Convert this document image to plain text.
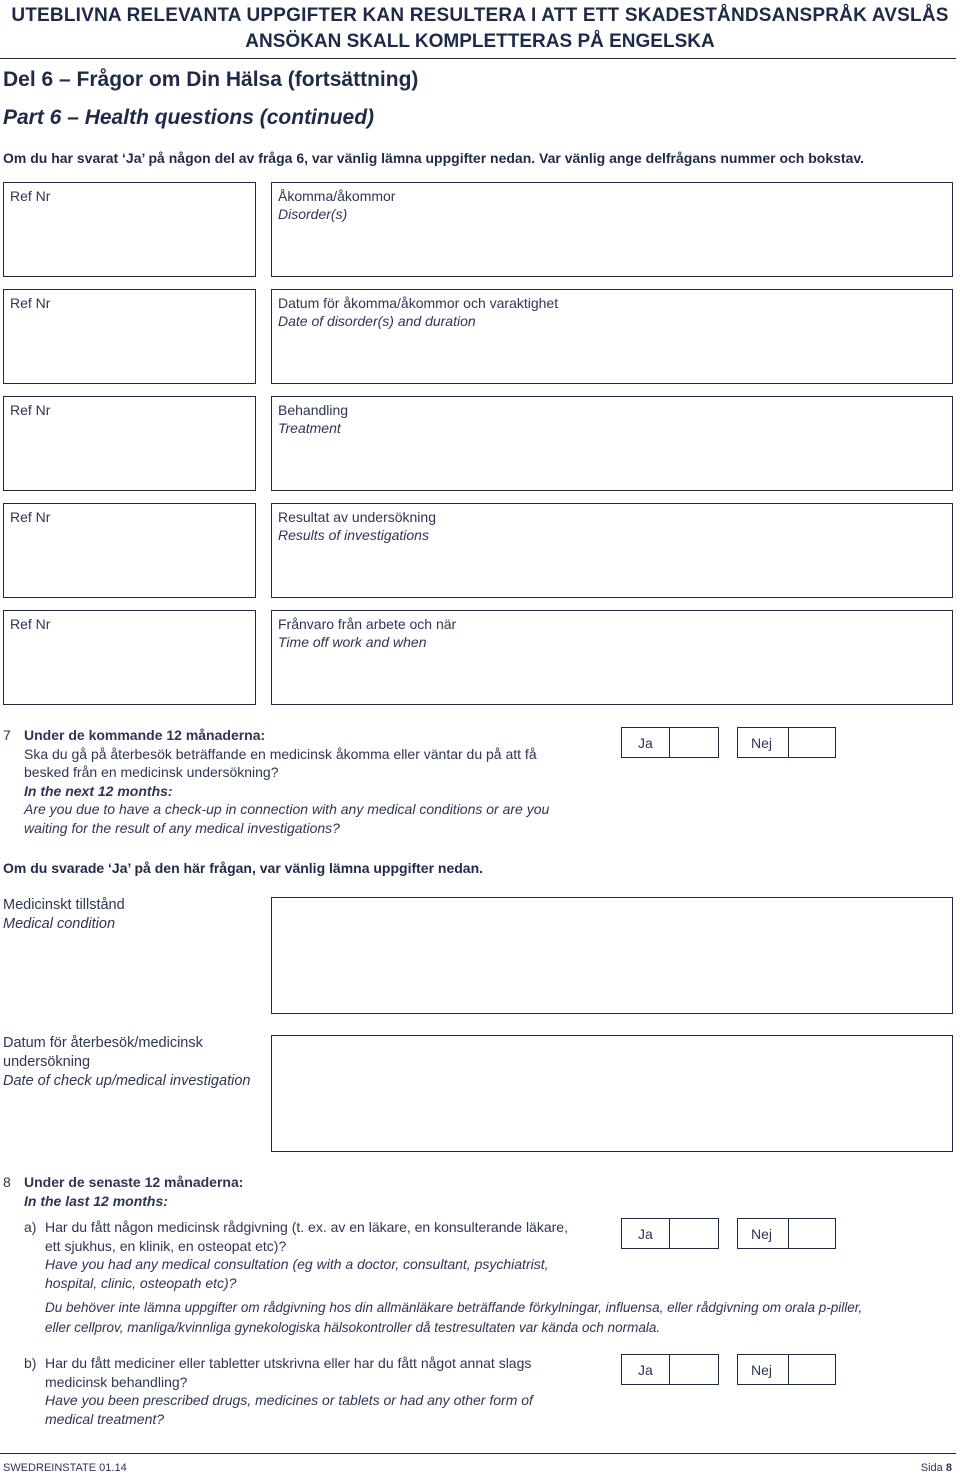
UTEBLIVNA RELEVANTA UPPGIFTER KAN RESULTERA I ATT ETT SKADESTÅNDSANSPRÅK AVSLÅS
ANSÖKAN SKALL KOMPLETTERAS PÅ ENGELSKA
Del 6 – Frågor om Din Hälsa (fortsättning)
Part 6 – Health questions (continued)
Om du har svarat ‘Ja’ på någon del av fråga 6, var vänlig lämna uppgifter nedan. Var vänlig ange delfrågans nummer och bokstav.
Ref Nr	Åkomma/åkommor
Disorder(s)
Ref Nr	Datum för åkomma/åkommor och varaktighet
Date of disorder(s) and duration
Ref Nr	Behandling
Treatment
Ref Nr	Resultat av undersökning
Results of investigations
Ref Nr	Frånvaro från arbete och när
Time off work and when
7 Under de kommande 12 månaderna:
Ska du gå på återbesök beträffande en medicinsk åkomma eller väntar du på att få
besked från en medicinsk undersökning?
In the next 12 months:
Are you due to have a check-up in connection with any medical conditions or are you
waiting for the result of any medical investigations?
Ja	Nej
Om du svarade ‘Ja’ på den här frågan, var vänlig lämna uppgifter nedan.
Medicinskt tillstånd
Medical condition
Datum för återbesök/medicinsk
undersökning
Date of check up/medical investigation
8 Under de senaste 12 månaderna:
In the last 12 months:
a) Har du fått någon medicinsk rådgivning (t. ex. av en läkare, en konsulterande läkare,
ett sjukhus, en klinik, en osteopat etc)?
Have you had any medical consultation (eg with a doctor, consultant, psychiatrist,
hospital, clinic, osteopath etc)?
Ja	Nej
Du behöver inte lämna uppgifter om rådgivning hos din allmänläkare beträffande förkylningar, influensa, eller rådgivning om orala p-piller,
eller cellprov, manliga/kvinnliga gynekologiska hälsokontroller då testresultaten var kända och normala.
b) Har du fått mediciner eller tabletter utskrivna eller har du fått något annat slags
medicinsk behandling?
Have you been prescribed drugs, medicines or tablets or had any other form of
medical treatment?
Ja	Nej
SWEDREINSTATE 01.14	Sida 8
